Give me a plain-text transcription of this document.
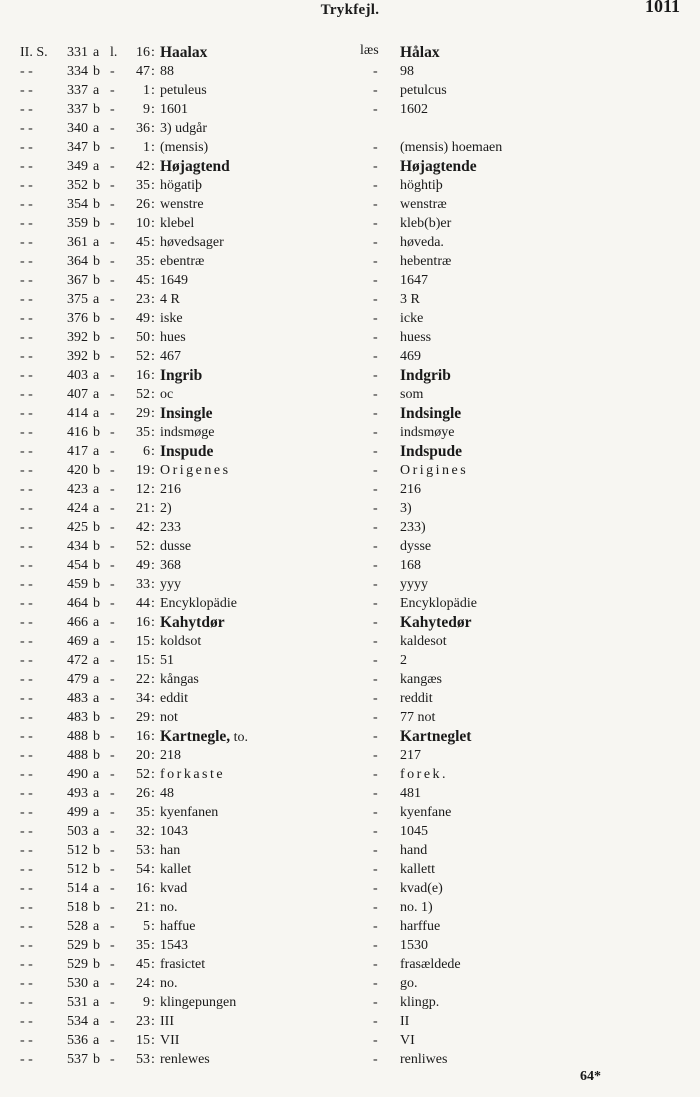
Trykfejl.	1011
læs
II. S.	331 a l.	16 : Haalax	Hålax
- -	334 b -	47 : 88	- 98
- -	337 a -	1 : petuleus	- petulcus
- -	337 b -	9 : 1601	- 1602
- -	340 a -	36 : 3) udgår
- -	347 b -	1 : (mensis)	- (mensis) hoemaen
- -	349 a -	42 : Højagtend	- Højagtende
- -	352 b -	35 : högatiþ	- höghtiþ
- -	354 b -	26 : wenstre	- wenstræ
- -	359 b -	10 : klebel	- kleb(b)er
- -	361 a -	45 : høvedsager	- høveda.
- -	364 b -	35 : ebentræ	- hebentræ
- -	367 b -	45 : 1649	- 1647
- -	375 a -	23 : 4 R	- 3 R
- -	376 b -	49 : iske	- icke
- -	392 b -	50 : hues	- huess
- -	392 b -	52 : 467	- 469
- -	403 a -	16 : Ingrib	- Indgrib
- -	407 a -	52 : oc	- som
- -	414 a -	29 : Insingle	- Indsingle
- -	416 b -	35 : indsmøge	- indsmøye
- -	417 a -	6 : Inspude	- Indspude
- -	420 b -	19 : Origenes	- Origines
- -	423 a -	12 : 216	- 216
- -	424 a -	21 : 2)	- 3)
- -	425 b -	42 : 233	- 233)
- -	434 b -	52 : dusse	- dysse
- -	454 b -	49 : 368	- 168
- -	459 b -	33 : yyy	- yyyy
- -	464 b -	44 : Encyklopädie	- Encyklopädie
- -	466 a -	16 : Kahytdør	- Kahytedør
- -	469 a -	15 : koldsot	- kaldesot
- -	472 a -	15 : 51	- 2
- -	479 a -	22 : kångas	- kangæs
- -	483 a -	34 : eddit	- reddit
- -	483 b -	29 : not	- 77 not
- -	488 b -	16 : Kartnegle, to.	- Kartneglet
- -	488 b -	20 : 218	- 217
- -	490 a -	52 : forkaste	- forek.
- -	493 a -	26 : 48	- 481
- -	499 a -	35 : kyenfanen	- kyenfane
- -	503 a -	32 : 1043	- 1045
- -	512 b -	53 : han	- hand
- -	512 b -	54 : kallet	- kallett
- -	514 a -	16 : kvad	- kvad(e)
- -	518 b -	21 : no.	- no. 1)
- -	528 a -	5 : haffue	- harffue
- -	529 b -	35 : 1543	- 1530
- -	529 b -	45 : frasictet	- frasældede
- -	530 a -	24 : no.	- go.
- -	531 a -	9 : klingepungen	- klingp.
- -	534 a -	23 : III	- II
- -	536 a -	15 : VII	- VI
- -	537 b -	53 : renlewes	- renliwes
64*
